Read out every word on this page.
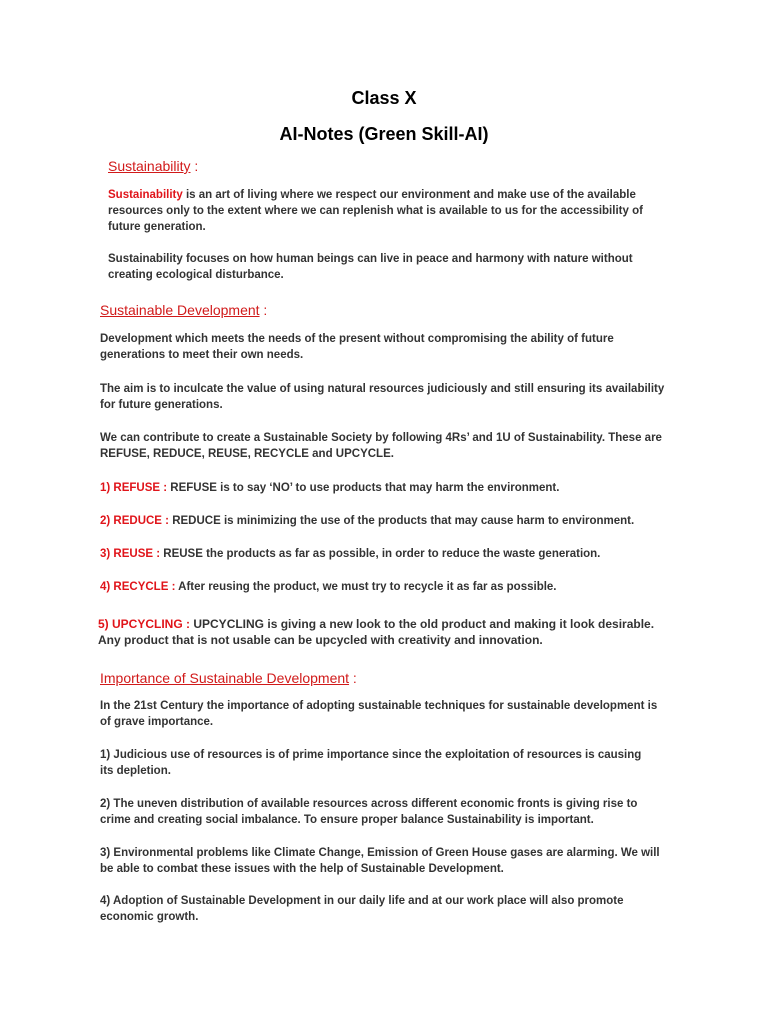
Class X
AI-Notes (Green Skill-AI)
Sustainability :
Sustainability is an art of living where we respect our environment and make use of the available resources only to the extent where we can replenish what is available to us for the accessibility of future generation.
Sustainability focuses on how human beings can live in peace and harmony with nature without creating ecological disturbance.
Sustainable Development :
Development which meets the needs of the present without compromising the ability of future generations to meet their own needs.
The aim is to inculcate the value of using natural resources judiciously and still ensuring its availability for future generations.
We can contribute to create a Sustainable Society by following 4Rs’ and 1U of Sustainability. These are REFUSE, REDUCE, REUSE, RECYCLE and UPCYCLE.
1) REFUSE : REFUSE is to say ‘NO’ to use products that may harm the environment.
2) REDUCE : REDUCE is minimizing the use of the products that may cause harm to environment.
3) REUSE : REUSE the products as far as possible, in order to reduce the waste generation.
4) RECYCLE : After reusing the product, we must try to recycle it as far as possible.
5) UPCYCLING : UPCYCLING is giving a new look to the old product and making it look desirable. Any product that is not usable can be upcycled with creativity and innovation.
Importance of Sustainable Development :
In the 21st Century the importance of adopting sustainable techniques for sustainable development is of grave importance.
1) Judicious use of resources is of prime importance since the exploitation of resources is causing its depletion.
2) The uneven distribution of available resources across different economic fronts is giving rise to crime and creating social imbalance. To ensure proper balance Sustainability is important.
3) Environmental problems like Climate Change, Emission of Green House gases are alarming. We will be able to combat these issues with the help of Sustainable Development.
4) Adoption of Sustainable Development in our daily life and at our work place will also promote economic growth.
